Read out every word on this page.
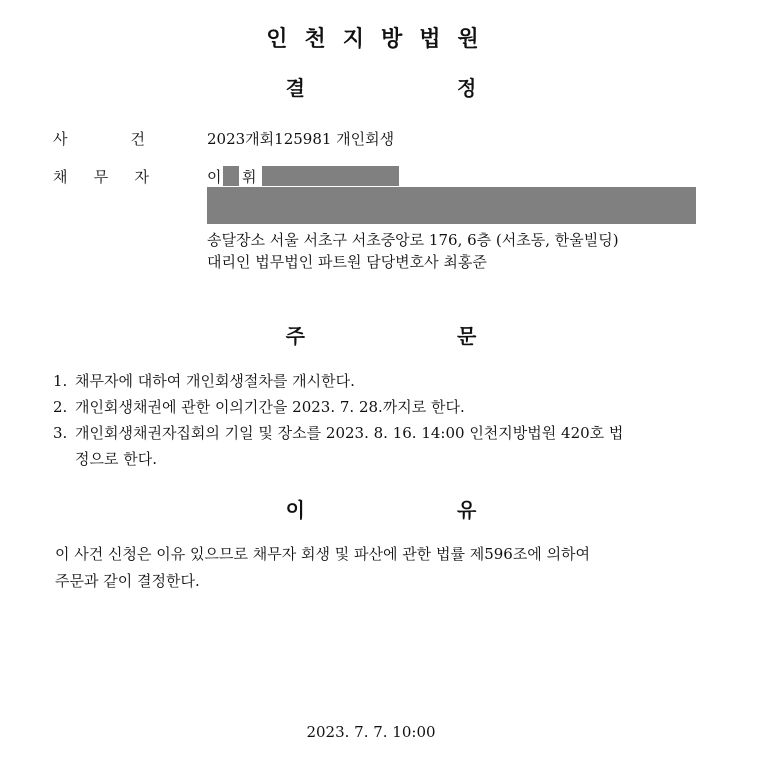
인천지방법원
결	정
사	건	2023개회125981 개인회생
채 무 자	이 휘
송달장소 서울 서초구 서초중앙로 176, 6층 (서초동, 한울빌딩)
대리인 법무법인 파트원 담당변호사 최홍준
주	문
1. 채무자에 대하여 개인회생절차를 개시한다.
2. 개인회생채권에 관한 이의기간을 2023. 7. 28.까지로 한다.
3. 개인회생채권자집회의 기일 및 장소를 2023. 8. 16. 14:00 인천지방법원 420호 법
정으로 한다.
이	유
이 사건 신청은 이유 있으므로 채무자 회생 및 파산에 관한 법률 제596조에 의하여
주문과 같이 결정한다.
2023. 7. 7. 10:00
